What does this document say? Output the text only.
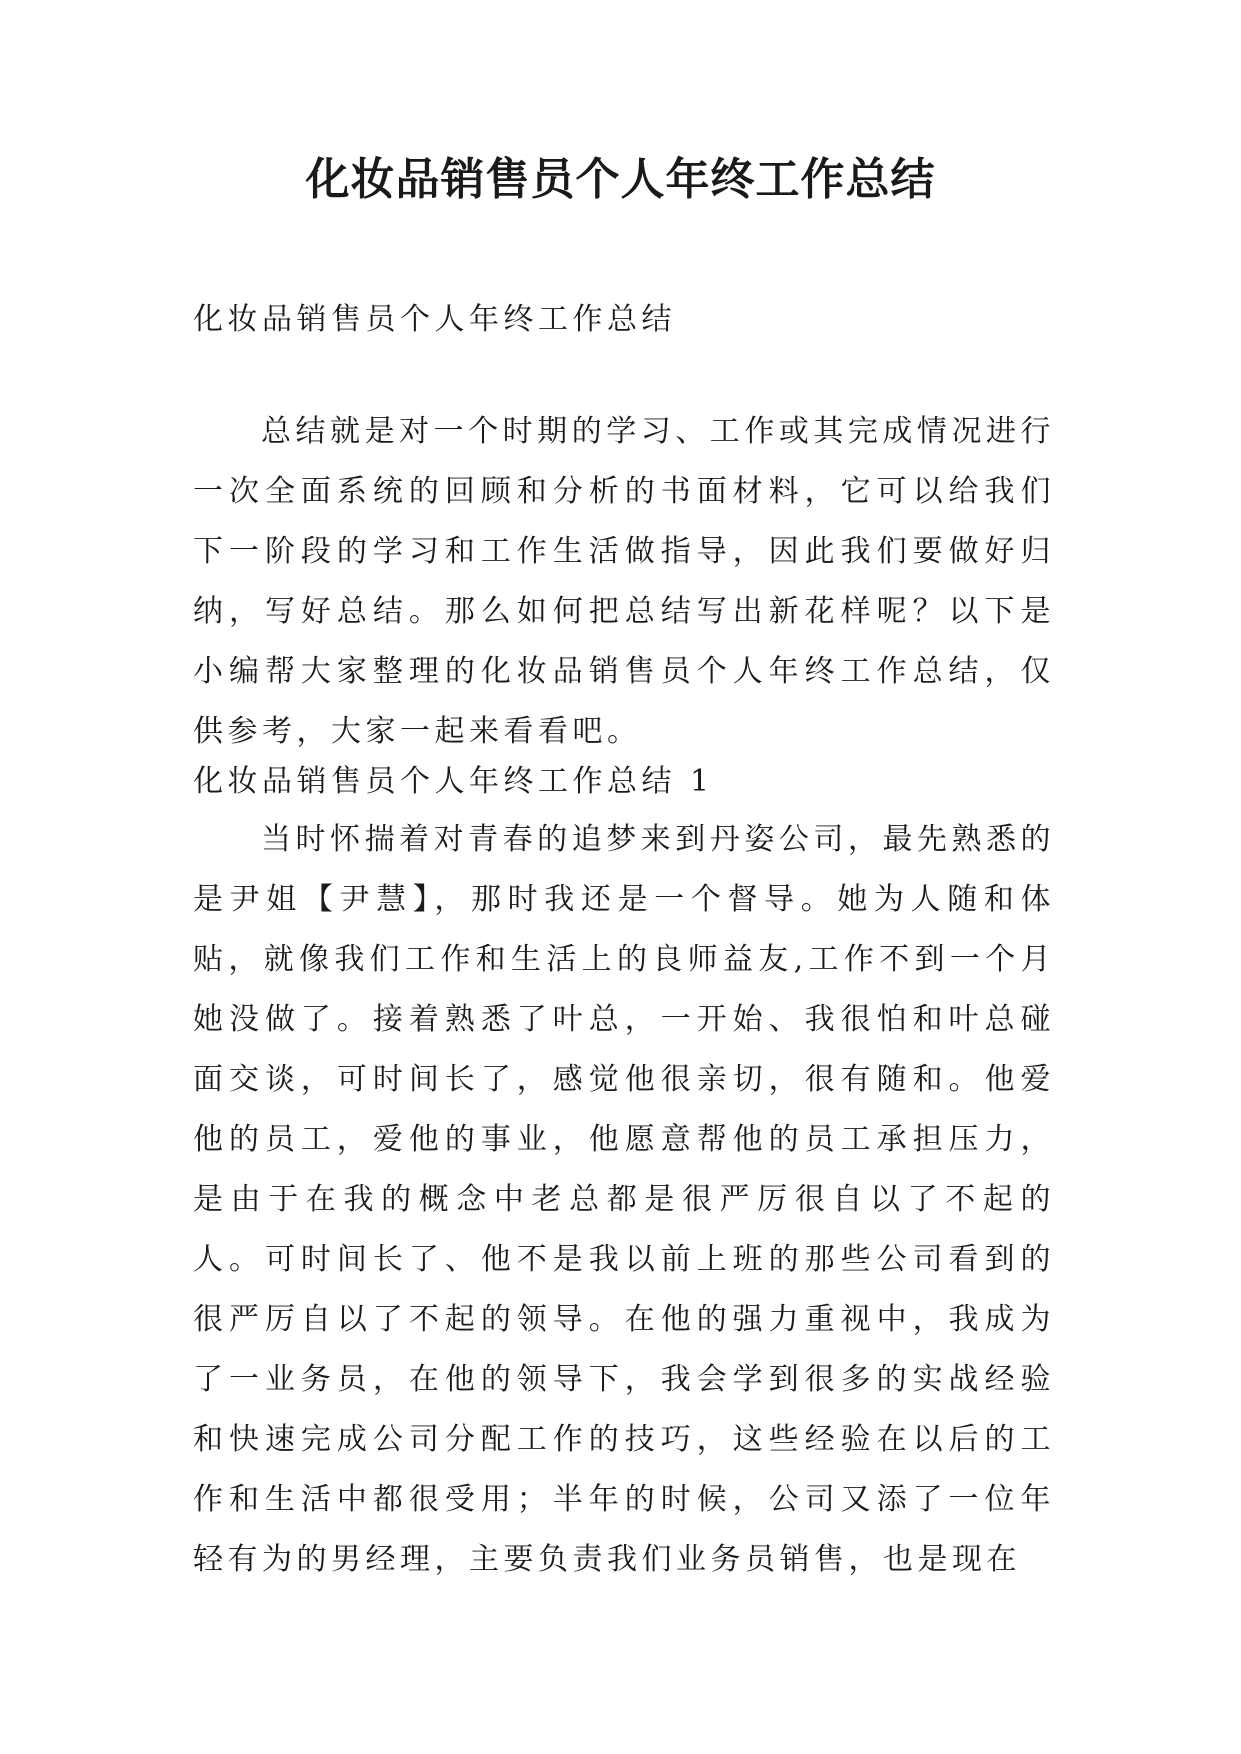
化妆品销售员个人年终工作总结

化妆品销售员个人年终工作总结

总结就是对一个时期的学习、工作或其完成情况进行一次全面系统的回顾和分析的书面材料，它可以给我们下一阶段的学习和工作生活做指导，因此我们要做好归纳，写好总结。那么如何把总结写出新花样呢？以下是小编帮大家整理的化妆品销售员个人年终工作总结，仅供参考，大家一起来看看吧。

化妆品销售员个人年终工作总结 1

当时怀揣着对青春的追梦来到丹姿公司，最先熟悉的是尹姐【尹慧】，那时我还是一个督导。她为人随和体贴，就像我们工作和生活上的良师益友,工作不到一个月她没做了。接着熟悉了叶总，一开始、我很怕和叶总碰面交谈，可时间长了，感觉他很亲切，很有随和。他爱他的员工，爱他的事业，他愿意帮他的员工承担压力，是由于在我的概念中老总都是很严厉很自以了不起的人。可时间长了、他不是我以前上班的那些公司看到的很严厉自以了不起的领导。在他的强力重视中，我成为了一业务员，在他的领导下，我会学到很多的实战经验和快速完成公司分配工作的技巧，这些经验在以后的工作和生活中都很受用；半年的时候，公司又添了一位年轻有为的男经理，主要负责我们业务员销售，也是现在
